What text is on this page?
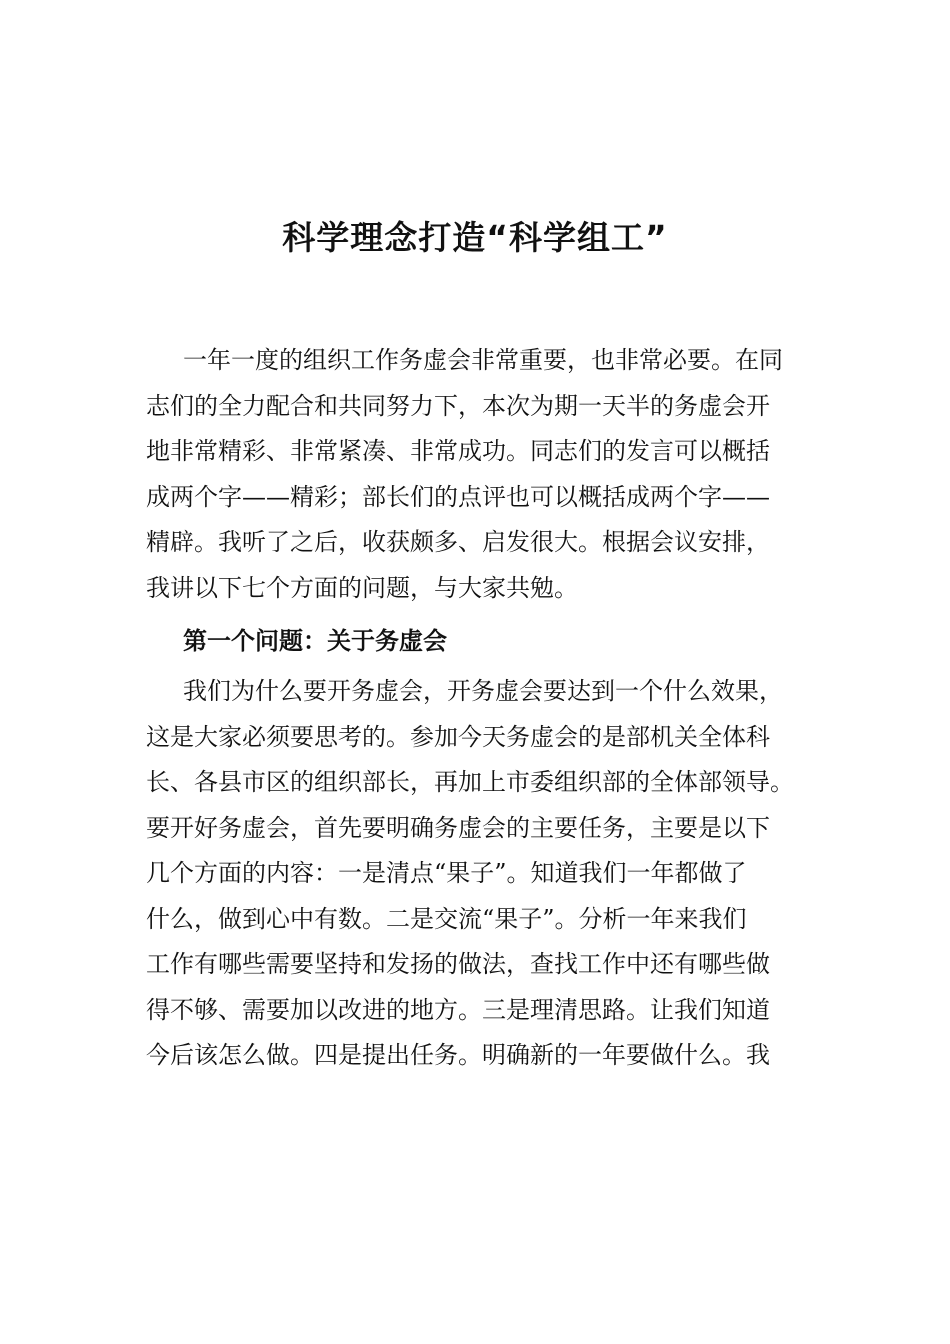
科学理念打造“科学组工”
一年一度的组织工作务虚会非常重要，也非常必要。在同
志们的全力配合和共同努力下，本次为期一天半的务虚会开
地非常精彩、非常紧凑、非常成功。同志们的发言可以概括
成两个字——精彩；部长们的点评也可以概括成两个字——
精辟。我听了之后，收获颇多、启发很大。根据会议安排，
我讲以下七个方面的问题，与大家共勉。
第一个问题：关于务虚会
我们为什么要开务虚会，开务虚会要达到一个什么效果，
这是大家必须要思考的。参加今天务虚会的是部机关全体科
长、各县市区的组织部长，再加上市委组织部的全体部领导。
要开好务虚会，首先要明确务虚会的主要任务，主要是以下
几个方面的内容：一是清点“果子”。知道我们一年都做了
什么，做到心中有数。二是交流“果子”。分析一年来我们
工作有哪些需要坚持和发扬的做法，查找工作中还有哪些做
得不够、需要加以改进的地方。三是理清思路。让我们知道
今后该怎么做。四是提出任务。明确新的一年要做什么。我
